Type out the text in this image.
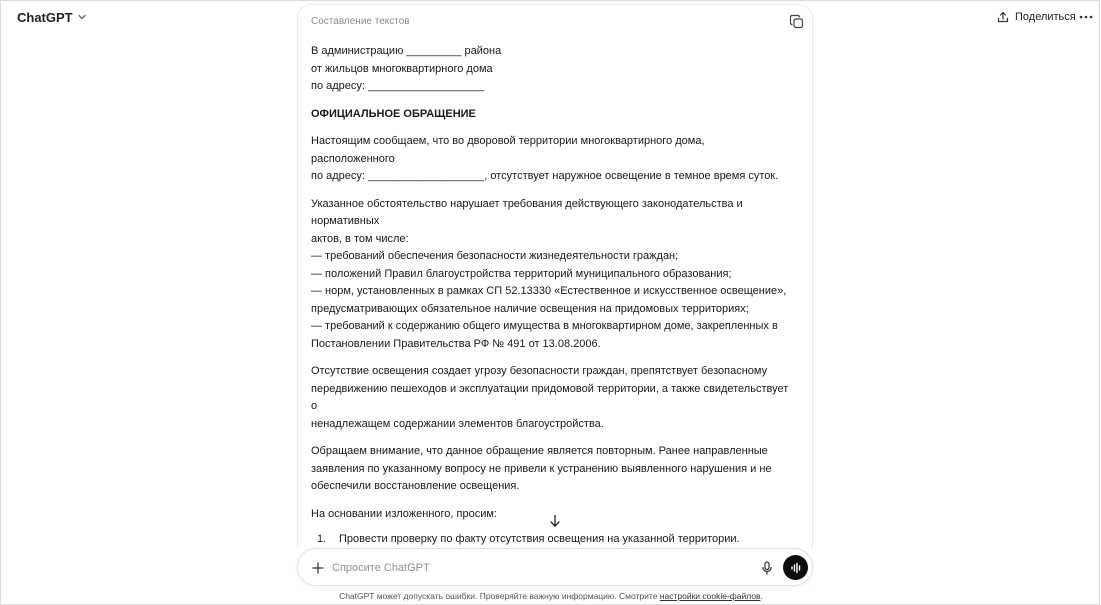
ChatGPT	Поделиться
Составление текстов

В администрацию _________ района

от жильцов многоквартирного дома

по адресу: ___________________

ОФИЦИАЛЬНОЕ ОБРАЩЕНИЕ

Настоящим сообщаем, что во дворовой территории многоквартирного дома, расположенного

по адресу: ___________________, отсутствует наружное освещение в темное время суток.

Указанное обстоятельство нарушает требования действующего законодательства и нормативных

актов, в том числе:

— требований обеспечения безопасности жизнедеятельности граждан;

— положений Правил благоустройства территорий муниципального образования;

— норм, установленных в рамках СП 52.13330 «Естественное и искусственное освещение»,

предусматривающих обязательное наличие освещения на придомовых территориях;

— требований к содержанию общего имущества в многоквартирном доме, закрепленных в

Постановлении Правительства РФ № 491 от 13.08.2006.

Отсутствие освещения создает угрозу безопасности граждан, препятствует безопасному

передвижению пешеходов и эксплуатации придомовой территории, а также свидетельствует о

ненадлежащем содержании элементов благоустройства.

Обращаем внимание, что данное обращение является повторным. Ранее направленные

заявления по указанному вопросу не привели к устранению выявленного нарушения и не

обеспечили восстановление освещения.

На основании изложенного, просим:

1.	Провести проверку по факту отсутствия освещения на указанной территории.
Спросите ChatGPT
ChatGPT может допускать ошибки. Проверяйте важную информацию. Смотрите настройки cookie-файлов.
